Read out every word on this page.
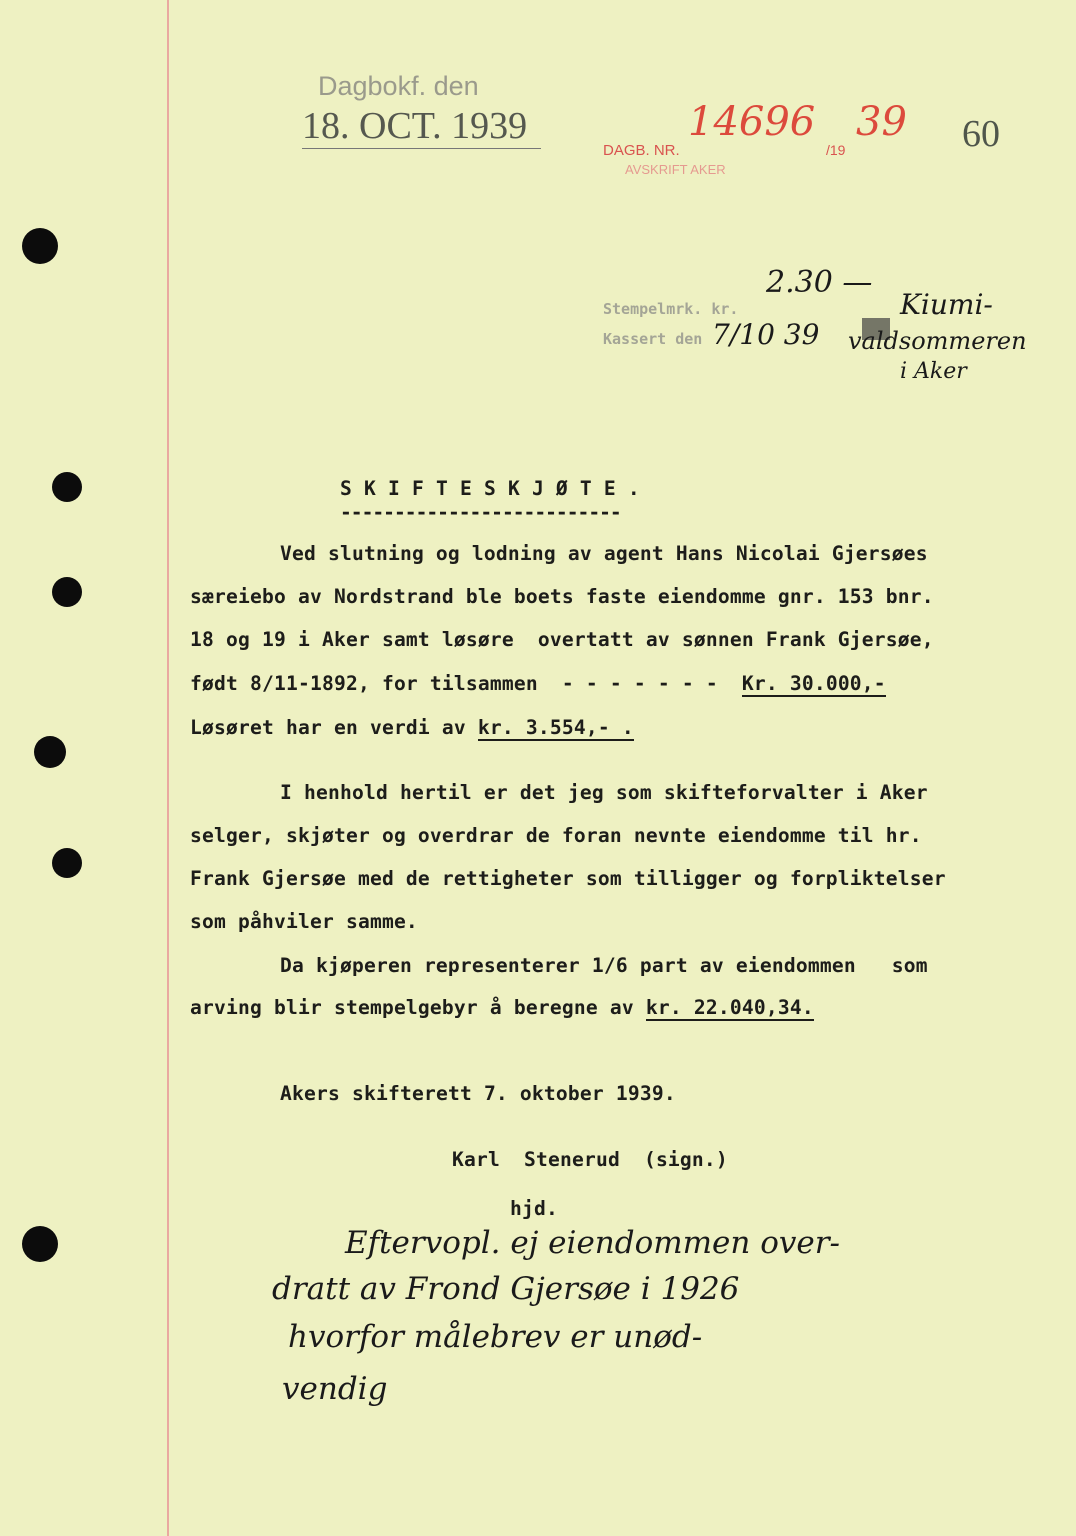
Dagbokf. den
18. OCT. 1939
DAGB. NR.
14696
/19
39
AVSKRIFT AKER
60
Stempelmrk. kr.
2.30 —
Kassert den 7/10 39
Kiumi-
valdsommeren
i Aker
S K I F T E S K J Ø T E .
--------------------------
Ved slutning og lodning av agent Hans Nicolai Gjersøes
særeiebo av Nordstrand ble boets faste eiendomme gnr. 153 bnr.
18 og 19 i Aker samt løsøre  overtatt av sønnen Frank Gjersøe,
født 8/11-1892, for tilsammen  - - - - - - -  Kr. 30.000,-
Løsøret har en verdi av kr. 3.554,- .
I henhold hertil er det jeg som skifteforvalter i Aker
selger, skjøter og overdrar de foran nevnte eiendomme til hr.
Frank Gjersøe med de rettigheter som tilligger og forpliktelser
som påhviler samme.
Da kjøperen representerer 1/6 part av eiendommen   som
arving blir stempelgebyr å beregne av kr. 22.040,34.
Akers skifterett 7. oktober 1939.
Karl  Stenerud  (sign.)
hjd.
Eftervopl. ej eiendommen over-
dratt av Frond Gjersøe i 1926
hvorfor målebrev er unød-
vendig
